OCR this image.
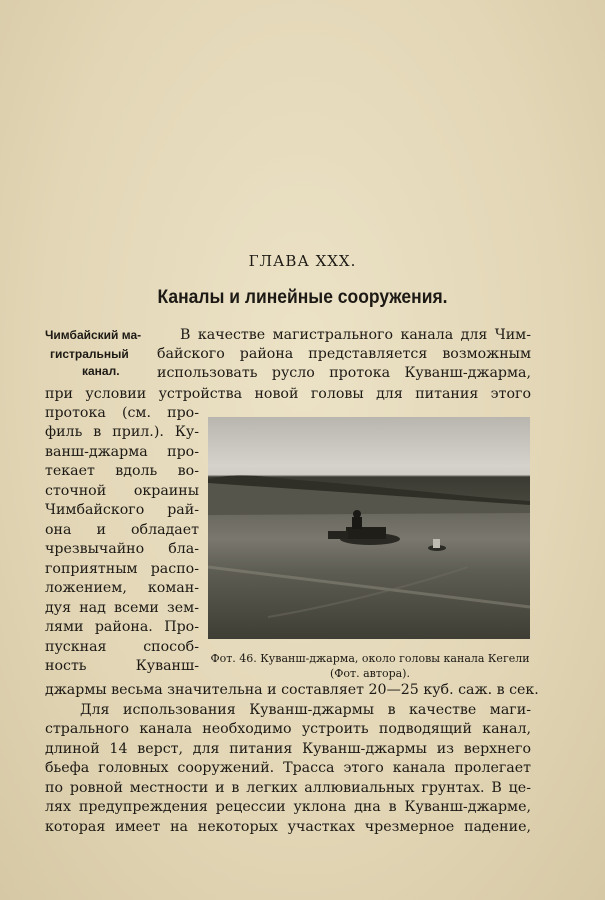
ГЛАВА XXX.
Каналы и линейные сооружения.
Чимбайский ма-
гистральный
канал.
В качестве магистрального канала для Чим-
байского района представляется возможным
использовать русло протока Куванш-джарма,
при условии устройства новой головы для питания этого
протока (см. про-
филь в прил.). Ку-
ванш-джарма про-
текает вдоль во-
сточной окраины
Чимбайского рай-
она и обладает
чрезвычайно бла-
гоприятным распо-
ложением, коман-
дуя над всеми зем-
лями района. Про-
пускная способ-
ность Куванш-	Фот. 46. Куванш-джарма, около головы канала Кегели
(Фот. автора).
джармы весьма значительна и составляет 20—25 куб. саж. в сек.
Для использования Куванш-джармы в качестве маги-
стрального канала необходимо устроить подводящий канал,
длиной 14 верст, для питания Куванш-джармы из верхнего
бьефа головных сооружений. Трасса этого канала пролегает
по ровной местности и в легких аллювиальных грунтах. В це-
лях предупреждения рецессии уклона дна в Куванш-джарме,
которая имеет на некоторых участках чрезмерное падение,
